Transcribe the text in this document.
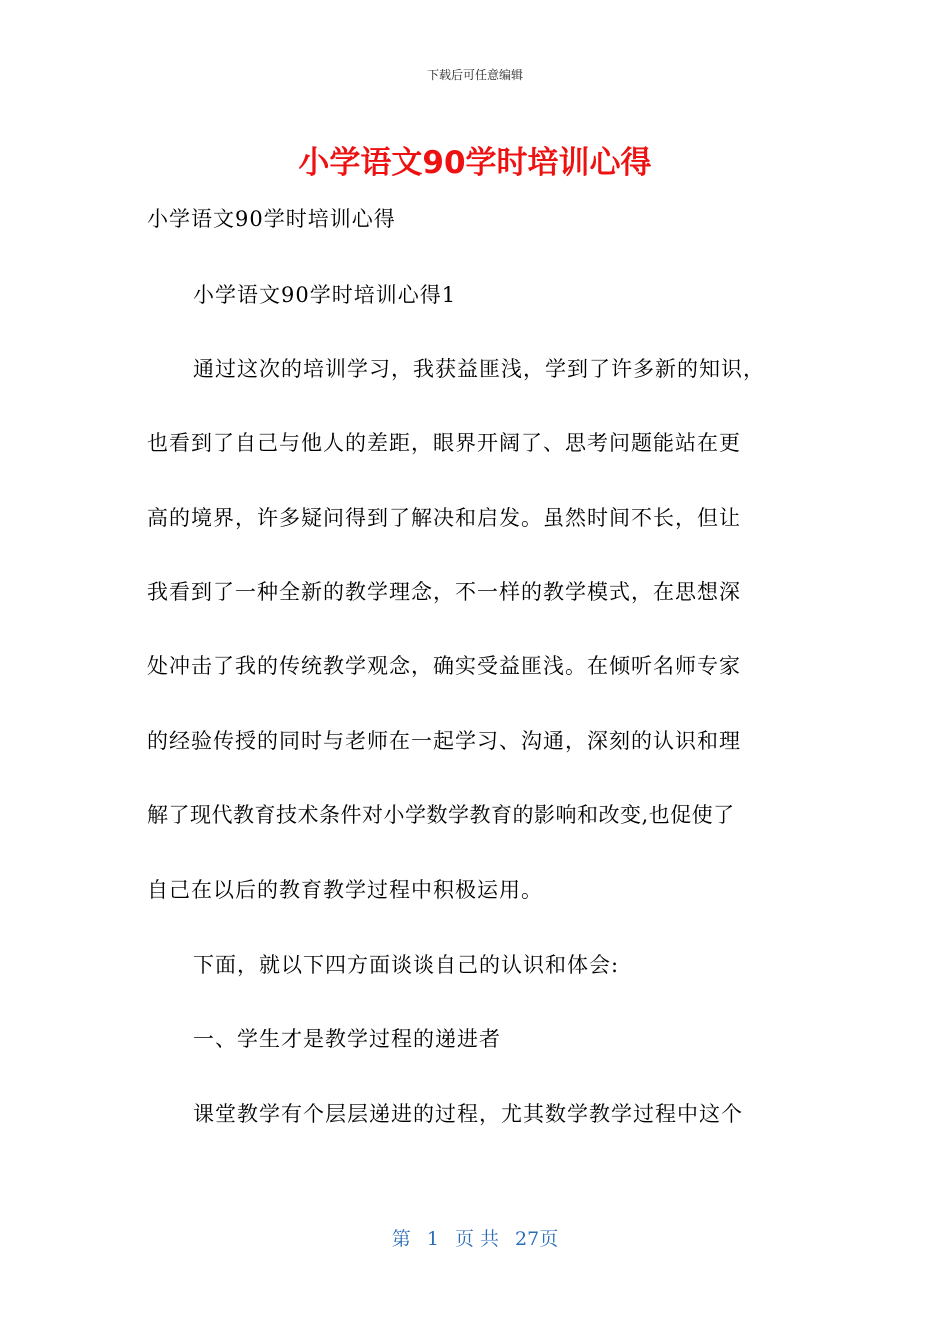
下载后可任意编辑
小学语文90学时培训心得

小学语文90学时培训心得

小学语文90学时培训心得1

通过这次的培训学习，我获益匪浅，学到了许多新的知识，

也看到了自己与他人的差距，眼界开阔了、思考问题能站在更

高的境界，许多疑问得到了解决和启发。虽然时间不长，但让

我看到了一种全新的教学理念，不一样的教学模式，在思想深

处冲击了我的传统教学观念，确实受益匪浅。在倾听名师专家

的经验传授的同时与老师在一起学习、沟通，深刻的认识和理

解了现代教育技术条件对小学数学教育的影响和改变,也促使了

自己在以后的教育教学过程中积极运用。

下面，就以下四方面谈谈自己的认识和体会:

一、学生才是教学过程的递进者

课堂教学有个层层递进的过程，尤其数学教学过程中这个

第 1 页 共 27页
